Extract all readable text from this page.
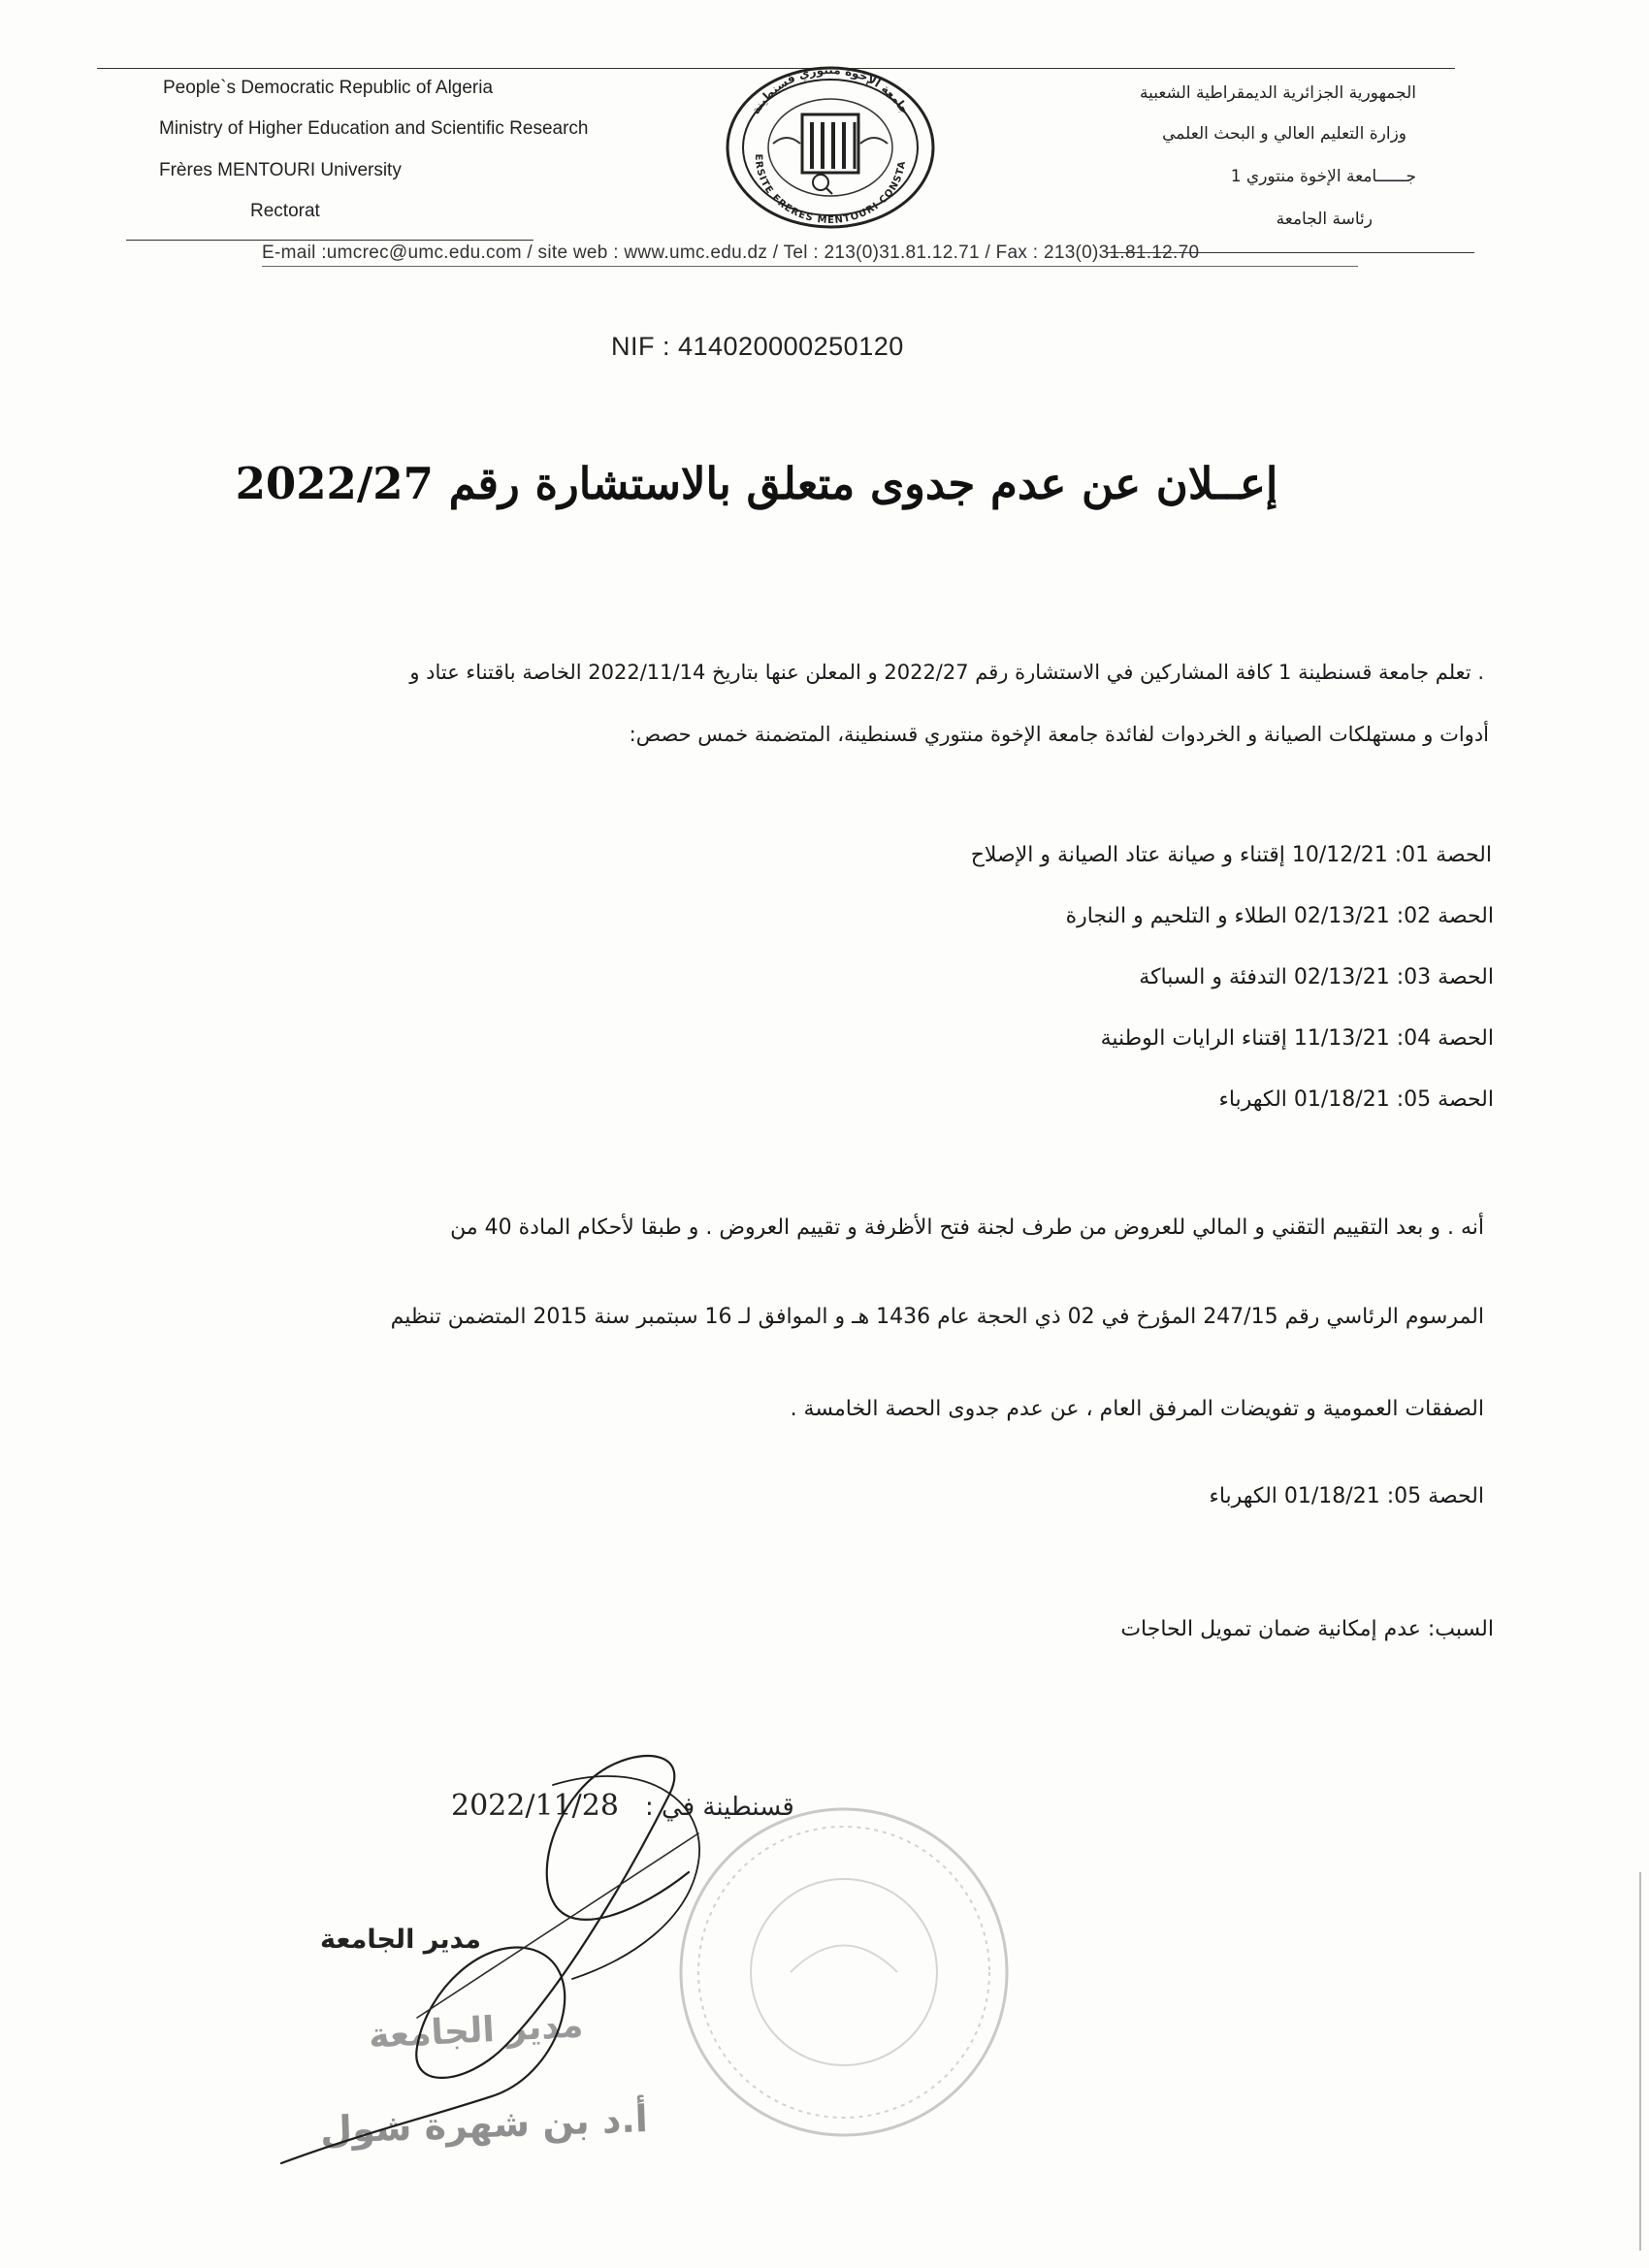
People`s Democratic Republic of Algeria
Ministry of Higher Education and Scientific Research
Frères MENTOURI University
Rectorat
الجمهورية الجزائرية الديمقراطية الشعبية
وزارة التعليم العالي و البحث العلمي
جــــــامعة الإخوة منتوري 1
رئاسة الجامعة
ERSITE FRERES MENTOURI CONSTA
جامعة الإخوة منتوري قسنطينة
E-mail :umcrec@umc.edu.com / site web : www.umc.edu.dz / Tel : 213(0)31.81.12.71 / Fax : 213(0)31.81.12.70
NIF : 414020000250120
إعــلان عن عدم جدوى متعلق بالاستشارة رقم 2022/27
. تعلم جامعة قسنطينة 1 كافة المشاركين في الاستشارة رقم 2022/27 و المعلن عنها بتاريخ 2022/11/14 الخاصة باقتناء عتاد و
أدوات و مستهلكات الصيانة و الخردوات لفائدة جامعة الإخوة منتوري قسنطينة، المتضمنة خمس حصص:
الحصة 01: 10/12/21 إقتناء و صيانة عتاد الصيانة و الإصلاح
الحصة 02: 02/13/21 الطلاء و التلحيم و النجارة
الحصة 03: 02/13/21 التدفئة و السباكة
الحصة 04: 11/13/21 إقتناء الرايات الوطنية
الحصة 05: 01/18/21 الكهرباء
أنه . و بعد التقييم التقني و المالي للعروض من طرف لجنة فتح الأظرفة و تقييم العروض . و طبقا لأحكام المادة 40 من
المرسوم الرئاسي رقم 247/15 المؤرخ في 02 ذي الحجة عام 1436 هـ و الموافق لـ 16 سبتمبر سنة 2015 المتضمن تنظيم
الصفقات العمومية و تفويضات المرفق العام ، عن عدم جدوى الحصة الخامسة .
الحصة 05: 01/18/21 الكهرباء
السبب: عدم إمكانية ضمان تمويل الحاجات
قسنطينة في :
2022/11/28
مدير الجامعة
مدير الجامعة
أ.د بن شهرة شول
